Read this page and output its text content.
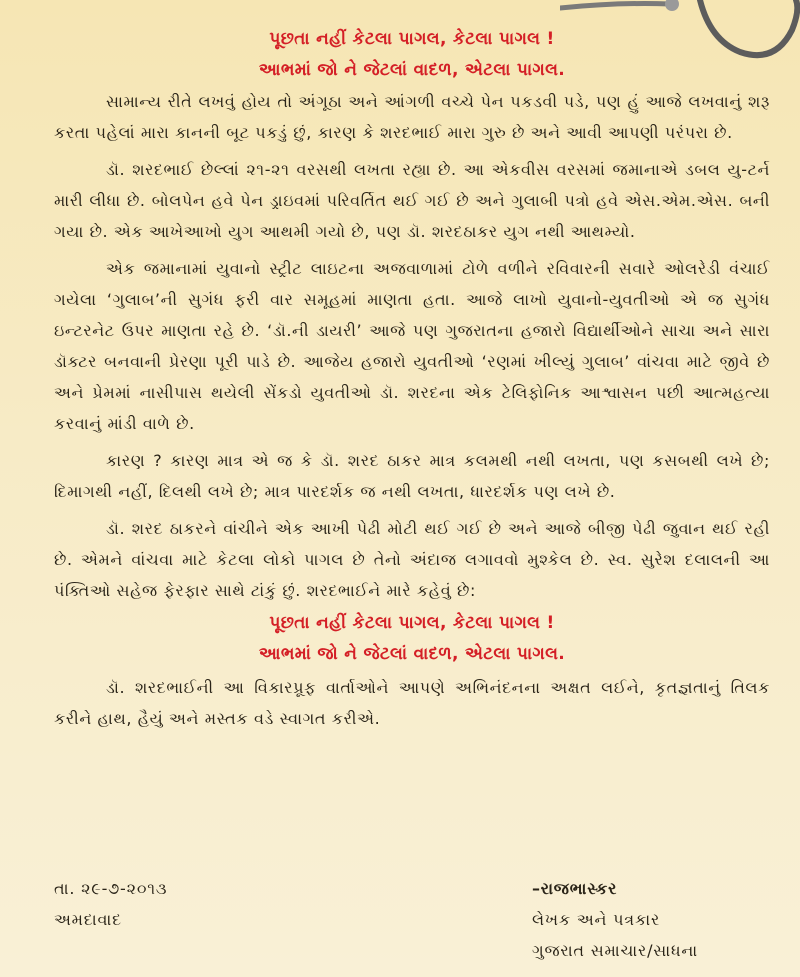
પૂછતા નહીં કેટલા પાગલ, કેટલા પાગલ !
આભમાં જો ને જેટલાં વાદળ, એટલા પાગલ.

સામાન્ય રીતે લખવું હોય તો અંગૂઠા અને આંગળી વચ્ચે પેન પકડવી પડે, પણ હું આજે લખવાનું શરૂ કરતા પહેલાં મારા કાનની બૂટ પકડું છું, કારણ કે શરદભાઈ મારા ગુરુ છે અને આવી આપણી પરંપરા છે.

ડૉ. શરદભાઈ છેલ્લાં ૨૧-૨૧ વરસથી લખતા રહ્યા છે. આ એકવીસ વરસમાં જમાનાએ ડબલ યુ-ટર્ન મારી લીધા છે. બોલપેન હવે પેન ડ્રાઇવમાં પરિવર્તિત થઈ ગઈ છે અને ગુલાબી પત્રો હવે એસ.એમ.એસ. બની ગયા છે. એક આખેઆખો યુગ આથમી ગયો છે, પણ ડૉ. શરદઠાકર યુગ નથી આથમ્યો.

એક જમાનામાં યુવાનો સ્ટ્રીટ લાઇટના અજવાળામાં ટોળે વળીને રવિવારની સવારે ઓલરેડી વંચાઈ ગયેલા ‘ગુલાબ’ની સુગંધ ફરી વાર સમૂહમાં માણતા હતા. આજે લાખો યુવાનો-યુવતીઓ એ જ સુગંધ ઇન્ટરનેટ ઉપર માણતા રહે છે. ‘ડૉ.ની ડાયરી’ આજે પણ ગુજરાતના હજારો વિદ્યાર્થીઓને સાચા અને સારા ડૉક્ટર બનવાની પ્રેરણા પૂરી પાડે છે. આજેય હજારો યુવતીઓ ‘રણમાં ખીલ્યું ગુલાબ’ વાંચવા માટે જીવે છે અને પ્રેમમાં નાસીપાસ થયેલી સેંકડો યુવતીઓ ડૉ. શરદના એક ટેલિફોનિક આશ્વાસન પછી આત્મહત્યા કરવાનું માંડી વાળે છે.

કારણ ? કારણ માત્ર એ જ કે ડૉ. શરદ ઠાકર માત્ર કલમથી નથી લખતા, પણ કસબથી લખે છે; દિમાગથી નહીં, દિલથી લખે છે; માત્ર પારદર્શક જ નથી લખતા, ધારદર્શક પણ લખે છે.

ડૉ. શરદ ઠાકરને વાંચીને એક આખી પેઢી મોટી થઈ ગઈ છે અને આજે બીજી પેઢી જુવાન થઈ રહી છે. એમને વાંચવા માટે કેટલા લોકો પાગલ છે તેનો અંદાજ લગાવવો મુશ્કેલ છે. સ્વ. સુરેશ દલાલની આ પંક્તિઓ સહેજ ફેરફાર સાથે ટાંકું છું. શરદભાઈને મારે કહેવું છે:

પૂછતા નહીં કેટલા પાગલ, કેટલા પાગલ !
આભમાં જો ને જેટલાં વાદળ, એટલા પાગલ.

ડૉ. શરદભાઈની આ વિકારપ્રૂફ વાર્તાઓને આપણે અભિનંદનના અક્ષત લઈને, કૃતજ્ઞતાનું તિલક કરીને હાથ, હૈયું અને મસ્તક વડે સ્વાગત કરીએ.

તા. ૨૯-૭-૨૦૧૩
અમદાવાદ
–રાજભાસ્કર
લેખક અને પત્રકાર
ગુજરાત સમાચાર/સાધના
